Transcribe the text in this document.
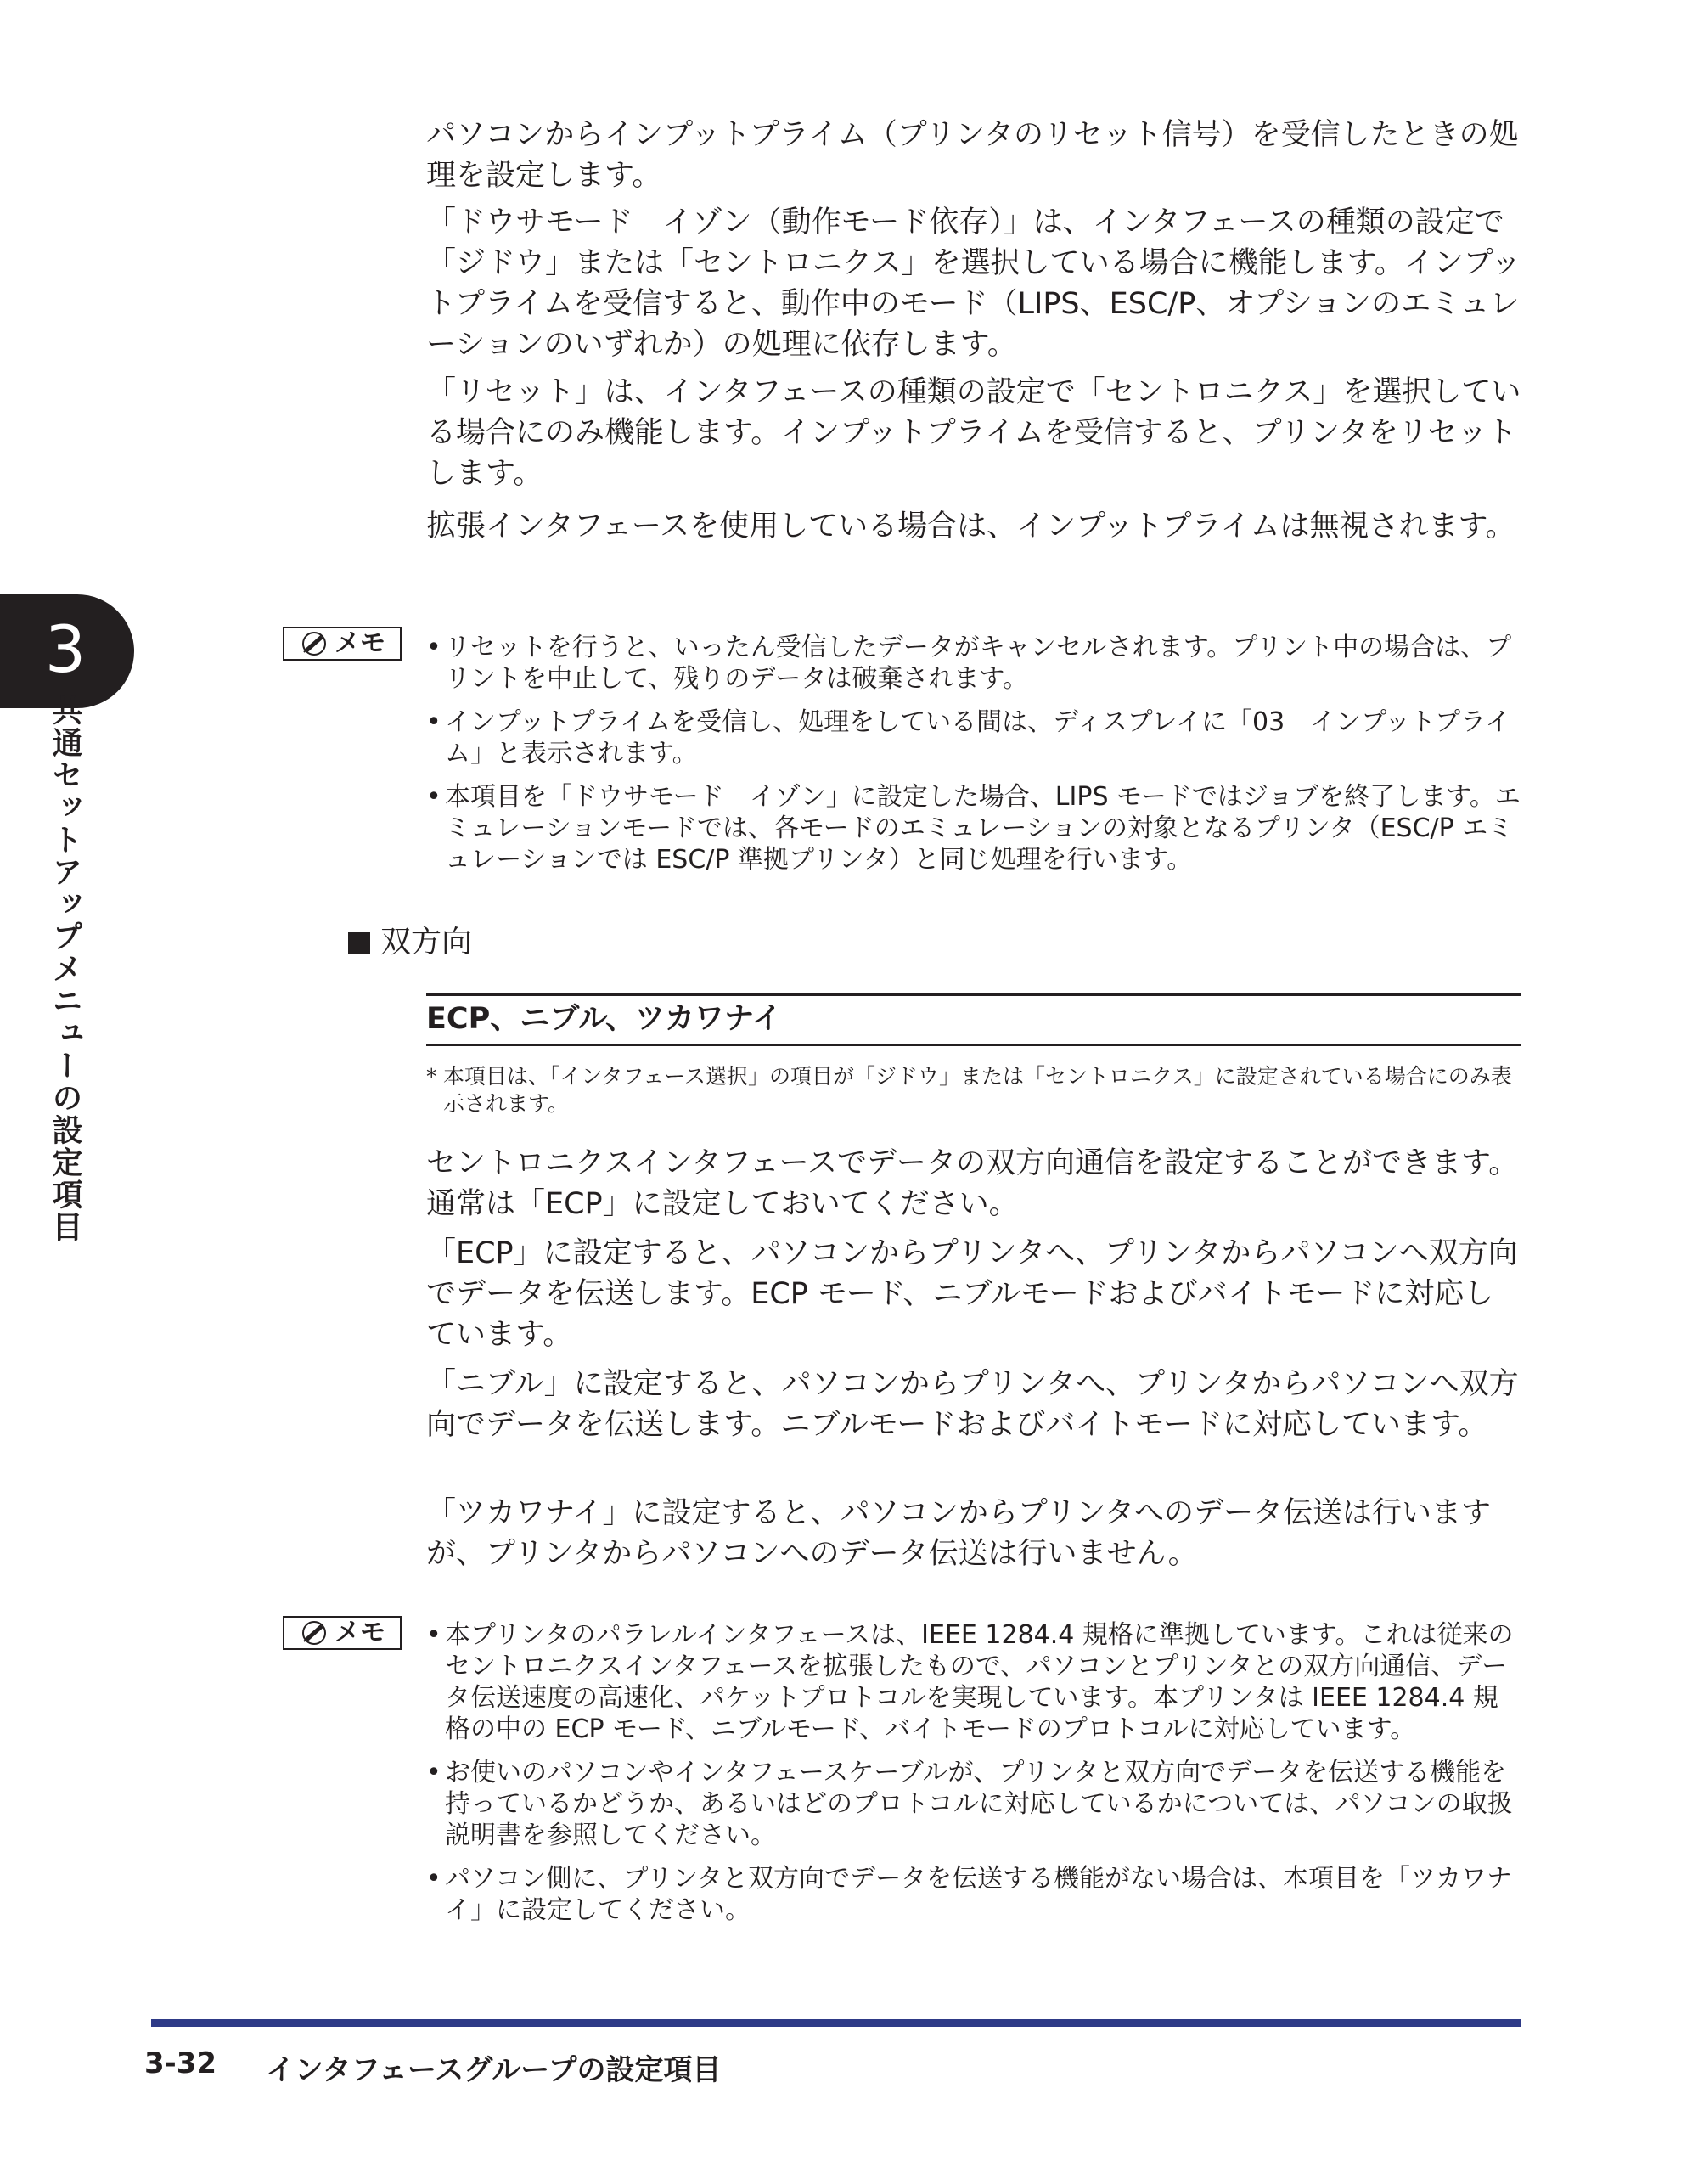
3
共通セットアップメニューの設定項目

パソコンからインプットプライム（プリンタのリセット信号）を受信したときの処理を設定します。

「ドウサモード　イゾン（動作モード依存）」は、インタフェースの種類の設定で「ジドウ」または「セントロニクス」を選択している場合に機能します。インプットプライムを受信すると、動作中のモード（LIPS、ESC/P、オプションのエミュレーションのいずれか）の処理に依存します。

「リセット」は、インタフェースの種類の設定で「セントロニクス」を選択している場合にのみ機能します。インプットプライムを受信すると、プリンタをリセットします。

拡張インタフェースを使用している場合は、インプットプライムは無視されます。

メモ • リセットを行うと、いったん受信したデータがキャンセルされます。プリント中の場合は、プリントを中止して、残りのデータは破棄されます。
• インプットプライムを受信し、処理をしている間は、ディスプレイに「03　インプットプライム」と表示されます。
• 本項目を「ドウサモード　イゾン」に設定した場合、LIPS モードではジョブを終了します。エミュレーションモードでは、各モードのエミュレーションの対象となるプリンタ（ESC/P エミュレーションでは ESC/P 準拠プリンタ）と同じ処理を行います。
双方向
ECP、ニブル、ツカワナイ
* 本項目は、「インタフェース選択」の項目が「ジドウ」または「セントロニクス」に設定されている場合にのみ表示されます。

セントロニクスインタフェースでデータの双方向通信を設定することができます。通常は「ECP」に設定しておいてください。

「ECP」に設定すると、パソコンからプリンタへ、プリンタからパソコンへ双方向でデータを伝送します。ECP モード、ニブルモードおよびバイトモードに対応しています。

「ニブル」に設定すると、パソコンからプリンタへ、プリンタからパソコンへ双方向でデータを伝送します。ニブルモードおよびバイトモードに対応しています。

「ツカワナイ」に設定すると、パソコンからプリンタへのデータ伝送は行いますが、プリンタからパソコンへのデータ伝送は行いません。

メモ • 本プリンタのパラレルインタフェースは、IEEE 1284.4 規格に準拠しています。これは従来のセントロニクスインタフェースを拡張したもので、パソコンとプリンタとの双方向通信、データ伝送速度の高速化、パケットプロトコルを実現しています。本プリンタは IEEE 1284.4 規格の中の ECP モード、ニブルモード、バイトモードのプロトコルに対応しています。
• お使いのパソコンやインタフェースケーブルが、プリンタと双方向でデータを伝送する機能を持っているかどうか、あるいはどのプロトコルに対応しているかについては、パソコンの取扱説明書を参照してください。
• パソコン側に、プリンタと双方向でデータを伝送する機能がない場合は、本項目を「ツカワナイ」に設定してください。
3-32 インタフェースグループの設定項目
